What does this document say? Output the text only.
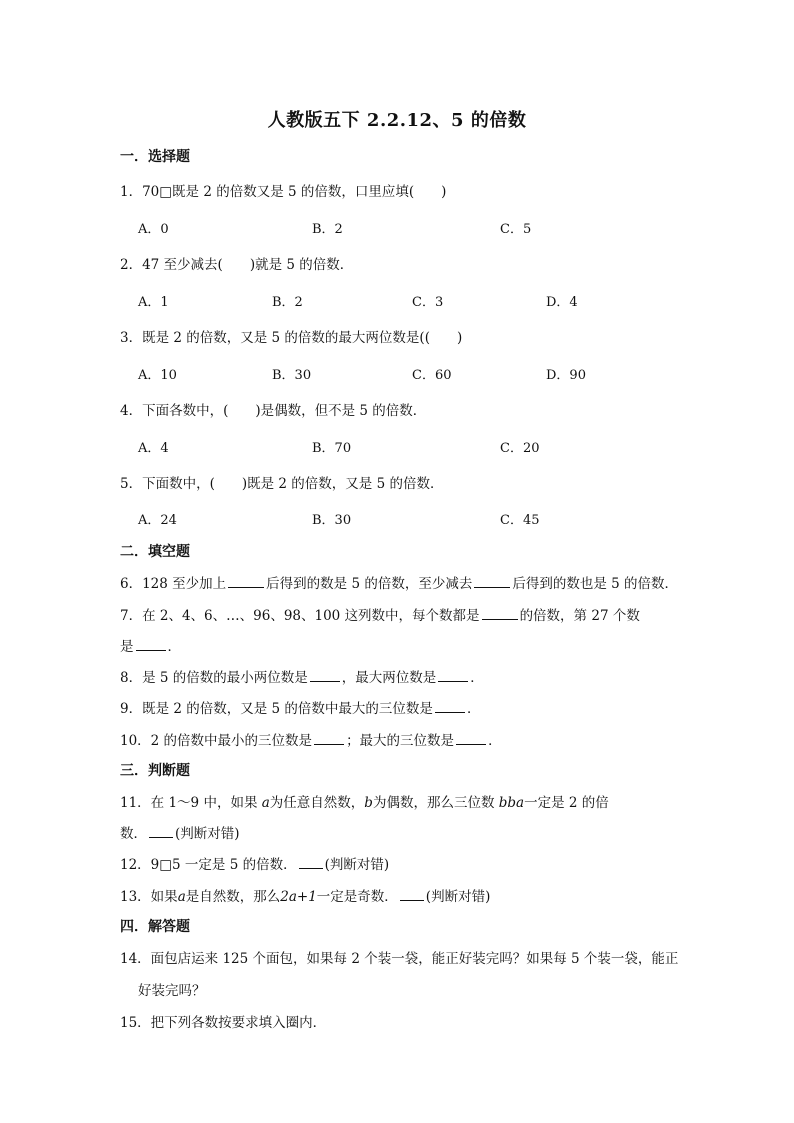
人教版五下 2.2.12、5 的倍数
一．选择题
1．70□既是 2 的倍数又是 5 的倍数，口里应填(　　)
A．0	B．2	C．5
2．47 至少减去(　　)就是 5 的倍数．
A．1	B．2	C．3	D．4
3．既是 2 的倍数，又是 5 的倍数的最大两位数是((　　)
A．10	B．30	C．60	D．90
4．下面各数中，(　　)是偶数，但不是 5 的倍数．
A．4	B．70	C．20
5．下面数中，(　　)既是 2 的倍数，又是 5 的倍数．
A．24	B．30	C．45
二．填空题
6．128 至少加上	后得到的数是 5 的倍数，至少减去	后得到的数也是 5 的倍数．
7．在 2、4、6、…、96、98、100 这列数中，每个数都是	的倍数，第 27 个数
是	．
8．是 5 的倍数的最小两位数是	，最大两位数是	．
9．既是 2 的倍数，又是 5 的倍数中最大的三位数是	．
10．2 的倍数中最小的三位数是	；最大的三位数是	．
三．判断题
11．在 1～9 中，如果 a为任意自然数，b为偶数，那么三位数 bba一定是 2 的倍
数． (判断对错)
12．9□5 一定是 5 的倍数． (判断对错)
13．如果a是自然数，那么2a+1一定是奇数． (判断对错)
四．解答题
14．面包店运来 125 个面包，如果每 2 个装一袋，能正好装完吗？如果每 5 个装一袋，能正
好装完吗？
15．把下列各数按要求填入圈内．
